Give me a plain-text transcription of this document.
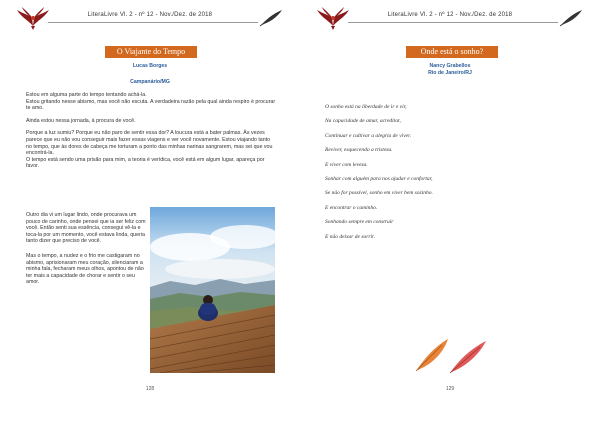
LiteraLivre Vl. 2 - nº 12 - Nov./Dez. de 2018
O Viajante do Tempo
Lucas Borges
Campanário/MG

Estou em alguma parte do tempo tentando achá-la.
Estou gritando nesse abismo, mas você não escuta. A verdadeira razão pela qual ainda respiro é procurar te amo.

Ainda estou nessa jornada, à procura de você.

Porque a luz sumiu? Porque eu não paro de sentir essa dor? A loucura está a bater palmas. Às vezes parece que eu não vou conseguir mais fazer essas viagens e ver você novamente. Estou viajando tanto no tempo, que às dores de cabeça me torturam a ponto das minhas narinas sangrarem, mas sei que vou encontrá-la.
O tempo está sendo uma prisão para mim, a teoria é verídica, você está em algum lugar, apareça por favor.

Outro dia vi um lugar lindo, onde procurava um pouco de carinho, onde pensei que ia ser feliz com você. Então senti sua essência, consegui vê-la e toca-la por um momento, você estava linda, queria tanto dizer que preciso de você.

Mas o tempo, a nudez e o frio me castigaram no abismo, aprisionaram meu coração, silenciaram a minha fala, fecharam meus olhos, apontou de não ter mais a capacidade de chorar e sentir o seu amor.

128
LiteraLivre Vl. 2 - nº 12 - Nov./Dez. de 2018
Onde está o sonho?
Nancy Grabellos
Rio de Janeiro/RJ
129

O sonho está na liberdade de ir e vir,

Na capacidade de amar, acreditar,

Continuar e cultivar a alegria de viver.

Reviver, esquecendo a tristeza.

E viver com leveza.

Sonhar com alguém para nos ajudar e confortar,

Se não for possível, sonho em viver bem sozinho.

E encontrar o caminho.

Sonhando sempre em construir

E não deixar de sorrir.
